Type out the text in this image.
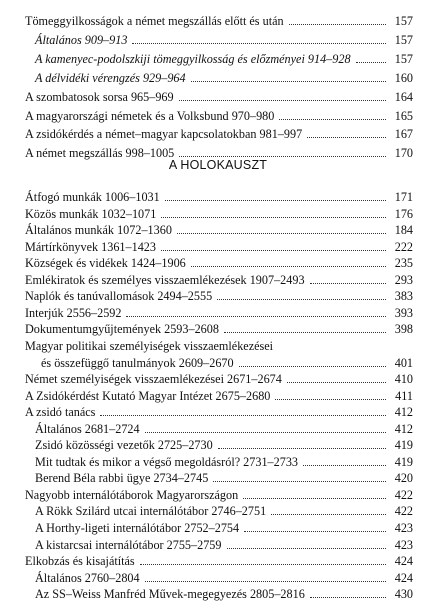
Tömeggyilkosságok a német megszállás előtt és után	157
Általános 909–913	157
A kamenyec-podolszkiji tömeggyilkosság és előzményei 914–928	157
A délvidéki vérengzés 929–964	160
A szombatosok sorsa 965–969	164
A magyarországi németek és a Volksbund 970–980	165
A zsidókérdés a német–magyar kapcsolatokban 981–997	167
A német megszállás 998–1005	170
Átfogó munkák 1006–1031	171
Közös munkák 1032–1071	176
Általános munkák 1072–1360	184
Mártírkönyvek 1361–1423	222
Községek és vidékek 1424–1906	235
Emlékiratok és személyes visszaemlékezések 1907–2493	293
Naplók és tanúvallomások 2494–2555	383
Interjúk 2556–2592	393
Dokumentumgyűjtemények 2593–2608	398
Magyar politikai személyiségek visszaemlékezései
és összefüggő tanulmányok 2609–2670	401
Német személyiségek visszaemlékezései 2671–2674	410
A Zsidókérdést Kutató Magyar Intézet 2675–2680	411
A zsidó tanács	412
Általános 2681–2724	412
Zsidó közösségi vezetők 2725–2730	419
Mit tudtak és mikor a végső megoldásról? 2731–2733	419
Berend Béla rabbi ügye 2734–2745	420
Nagyobb internálótáborok Magyarországon	422
A Rökk Szilárd utcai internálótábor 2746–2751	422
A Horthy-ligeti internálótábor 2752–2754	423
A kistarcsai internálótábor 2755–2759	423
Elkobzás és kisajátítás	424
Általános 2760–2804	424
Az SS–Weiss Manfréd Művek-megegyezés 2805–2816	430
A HOLOKAUSZT
